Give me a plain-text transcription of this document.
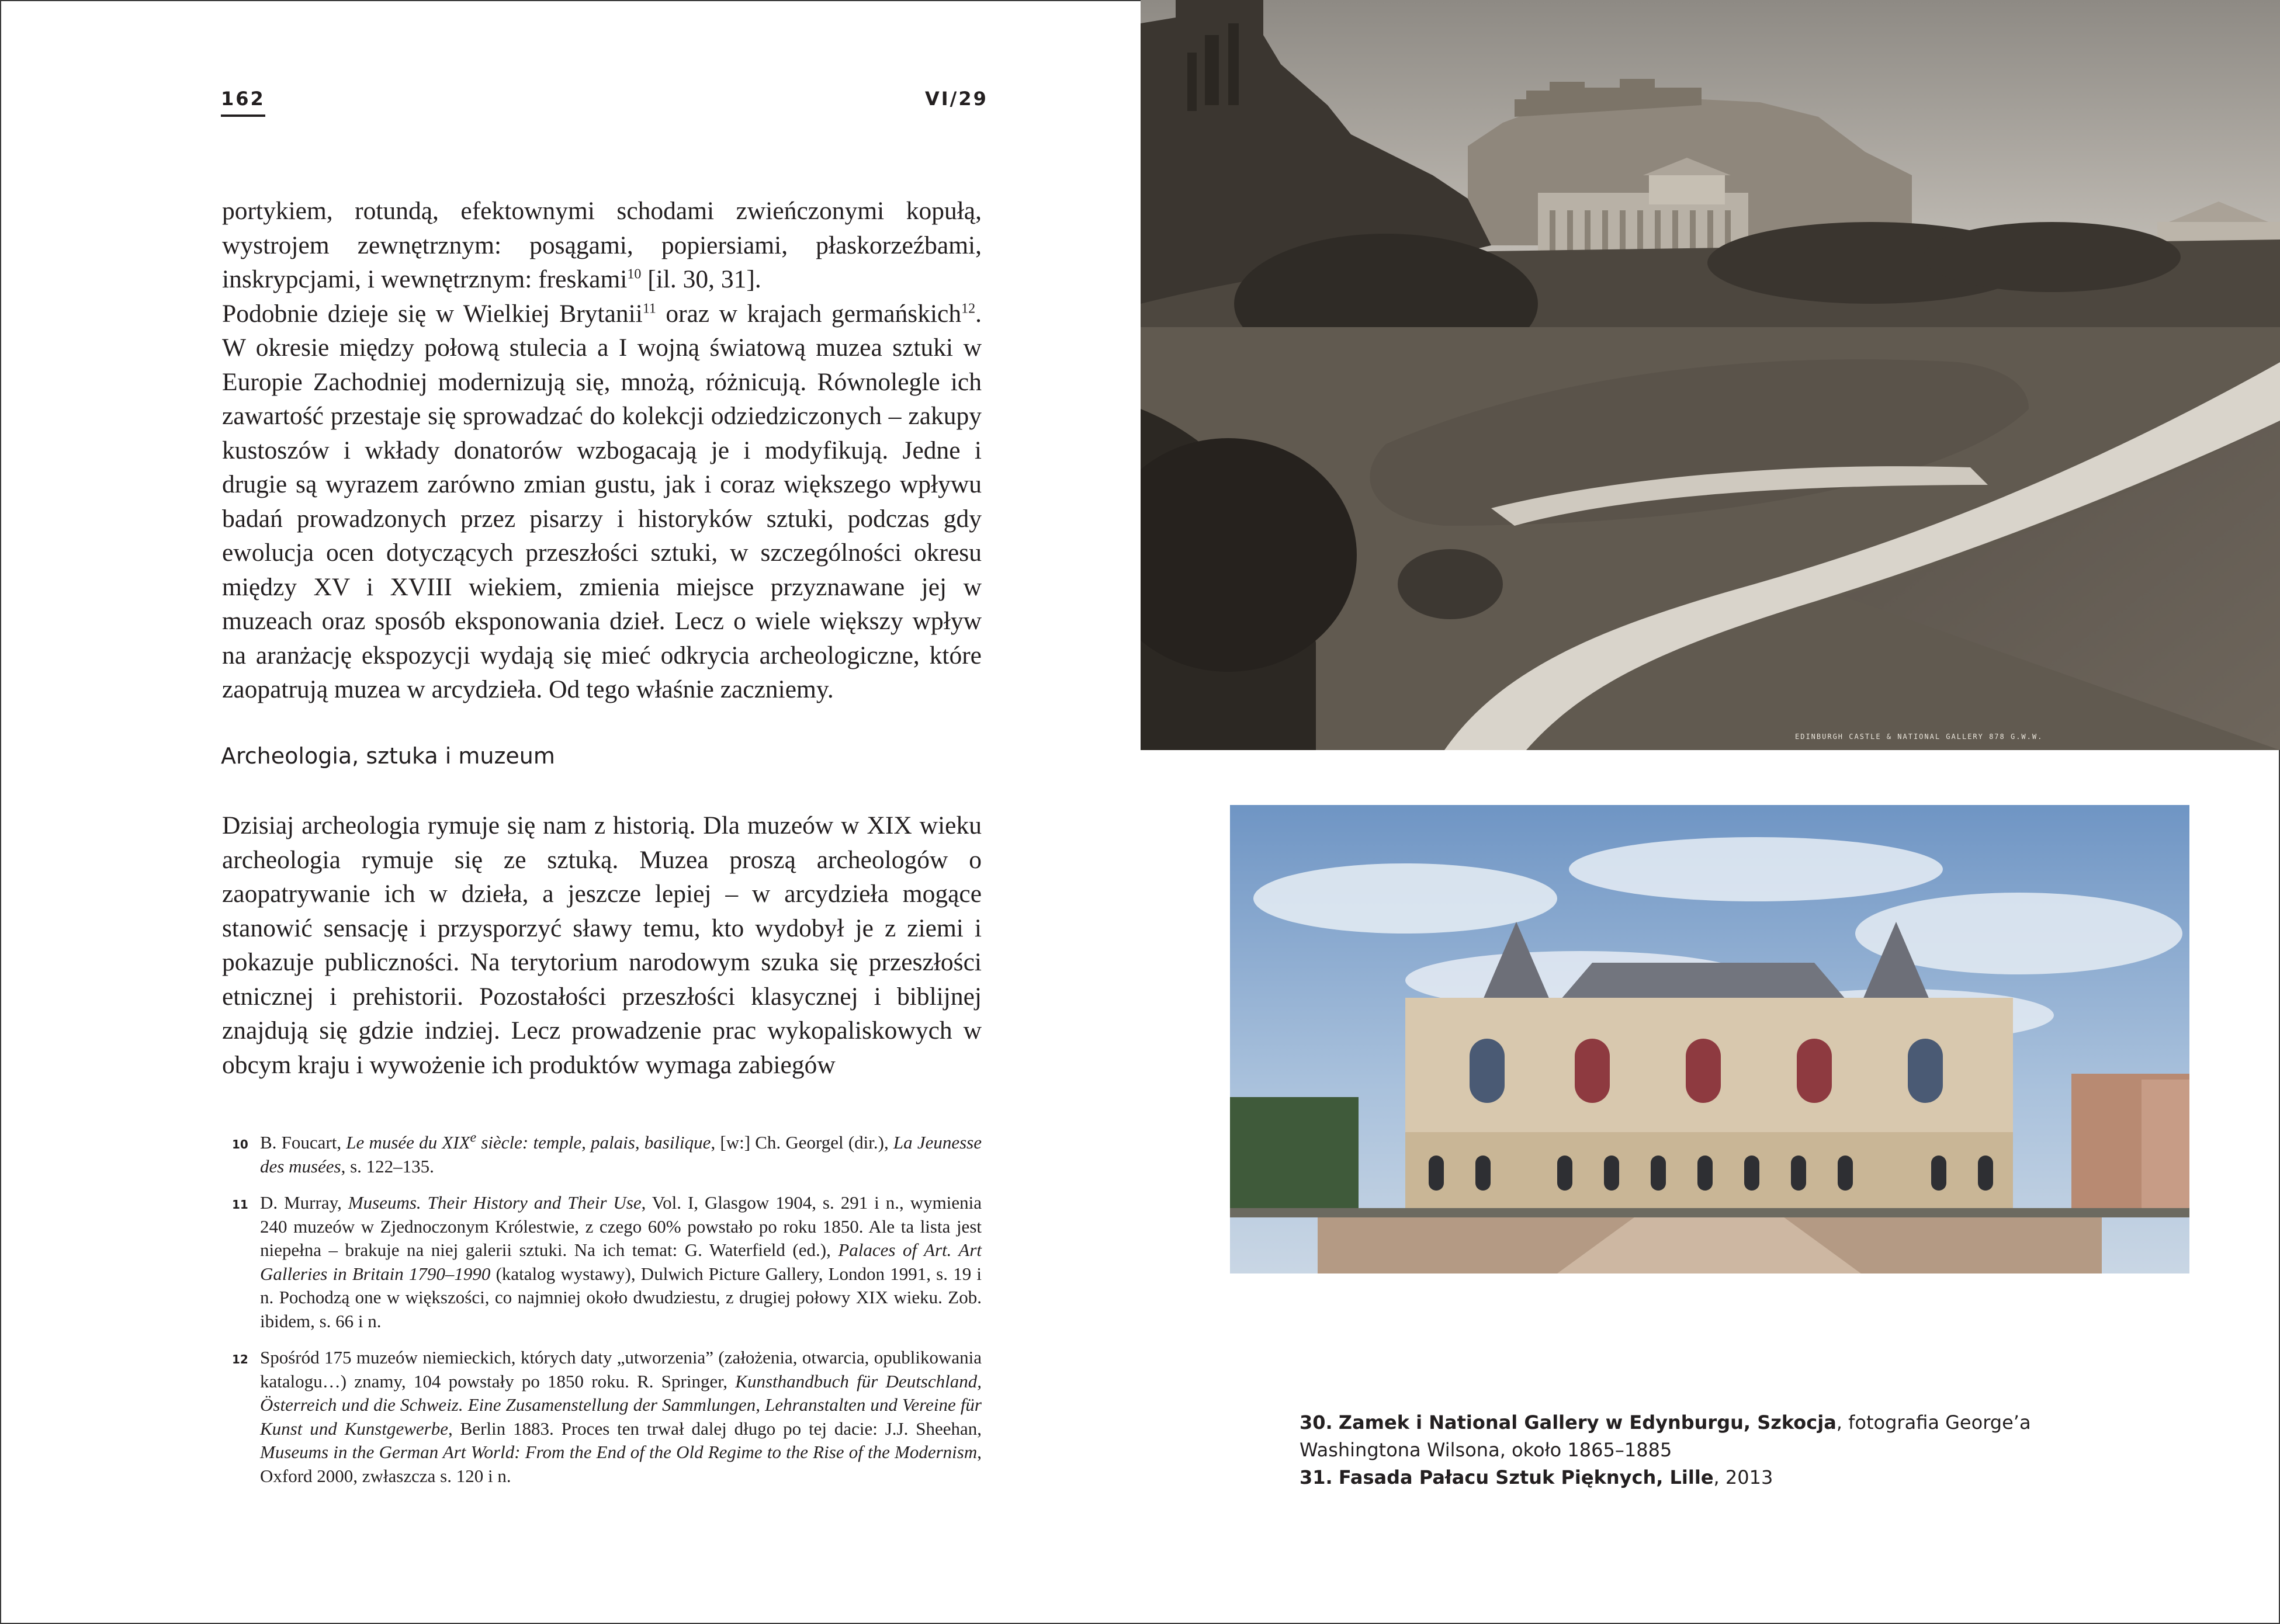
162	VI/29

portykiem, rotundą, efektownymi schodami zwieńczonymi kopułą, wystrojem zewnętrznym: posągami, popiersiami, płaskorzeźbami, inskrypcjami, i wewnętrznym: freskami$^{10}$ [il. 30, 31].

Podobnie dzieje się w Wielkiej Brytanii$^{11}$ oraz w krajach germańskich$^{12}$. W okresie między połową stulecia a I wojną światową muzea sztuki w Europie Zachodniej modernizują się, mnożą, różnicują. Równolegle ich zawartość przestaje się sprowadzać do kolekcji odziedziczonych – zakupy kustoszów i wkłady donatorów wzbogacają je i modyfikują. Jedne i drugie są wyrazem zarówno zmian gustu, jak i coraz większego wpływu badań prowadzonych przez pisarzy i historyków sztuki, podczas gdy ewolucja ocen dotyczących przeszłości sztuki, w szczególności okresu między XV i XVIII wiekiem, zmienia miejsce przyznawane jej w muzeach oraz sposób eksponowania dzieł. Lecz o wiele większy wpływ na aranżację ekspozycji wydają się mieć odkrycia archeologiczne, które zaopatrują muzea w arcydzieła. Od tego właśnie zaczniemy.

Archeologia, sztuka i muzeum

Dzisiaj archeologia rymuje się nam z historią. Dla muzeów w XIX wieku archeologia rymuje się ze sztuką. Muzea proszą archeologów o zaopatrywanie ich w dzieła, a jeszcze lepiej – w arcydzieła mogące stanowić sensację i przysporzyć sławy temu, kto wydobył je z ziemi i pokazuje publiczności. Na terytorium narodowym szuka się przeszłości etnicznej i prehistorii. Pozostałości przeszłości klasycznej i biblijnej znajdują się gdzie indziej. Lecz prowadzenie prac wykopaliskowych w obcym kraju i wywożenie ich produktów wymaga zabiegów

10 B. Foucart, Le musée du XIXe siècle: temple, palais, basilique, [w:] Ch. Georgel (dir.), La Jeunesse des musées, s. 122–135.
11 D. Murray, Museums. Their History and Their Use, Vol. I, Glasgow 1904, s. 291 i n., wymienia 240 muzeów w Zjednoczonym Królestwie, z czego 60% powstało po roku 1850. Ale ta lista jest niepełna – brakuje na niej galerii sztuki. Na ich temat: G. Waterfield (ed.), Palaces of Art. Art Galleries in Britain 1790–1990 (katalog wystawy), Dulwich Picture Gallery, London 1991, s. 19 i n. Pochodzą one w większości, co najmniej około dwudziestu, z drugiej połowy XIX wieku. Zob. ibidem, s. 66 i n.
12 Spośród 175 muzeów niemieckich, których daty „utworzenia” (założenia, otwarcia, opublikowania katalogu…) znamy, 104 powstały po 1850 roku. R. Springer, Kunsthandbuch für Deutschland, Österreich und die Schweiz. Eine Zusamenstellung der Sammlungen, Lehranstalten und Vereine für Kunst und Kunstgewerbe, Berlin 1883. Proces ten trwał dalej długo po tej dacie: J.J. Sheehan, Museums in the German Art World: From the End of the Old Regime to the Rise of the Modernism, Oxford 2000, zwłaszcza s. 120 i n.
EDINBURGH CASTLE & NATIONAL GALLERY 878 G.W.W.
30. Zamek i National Gallery w Edynburgu, Szkocja, fotografia George’a
Washingtona Wilsona, około 1865–1885
31. Fasada Pałacu Sztuk Pięknych, Lille, 2013
